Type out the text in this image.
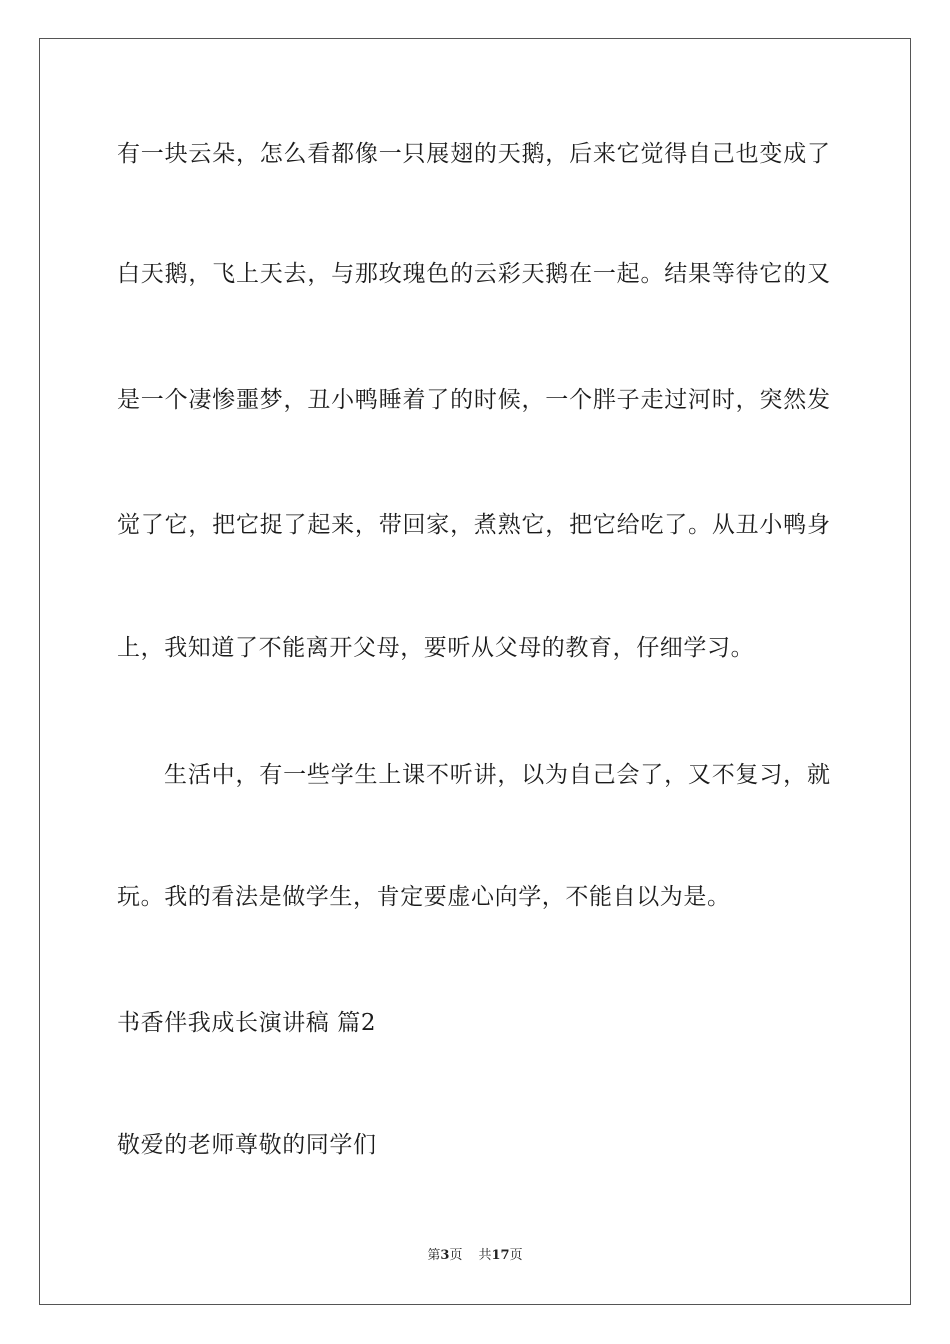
有一块云朵，怎么看都像一只展翅的天鹅，后来它觉得自己也变成了
白天鹅，飞上天去，与那玫瑰色的云彩天鹅在一起。结果等待它的又
是一个凄惨噩梦，丑小鸭睡着了的时候，一个胖子走过河时，突然发
觉了它，把它捉了起来，带回家，煮熟它，把它给吃了。从丑小鸭身
上，我知道了不能离开父母，要听从父母的教育，仔细学习。
生活中，有一些学生上课不听讲，以为自己会了，又不复习，就
玩。我的看法是做学生，肯定要虚心向学，不能自以为是。
书香伴我成长演讲稿 篇2
敬爱的老师尊敬的同学们
第3页 共17页
